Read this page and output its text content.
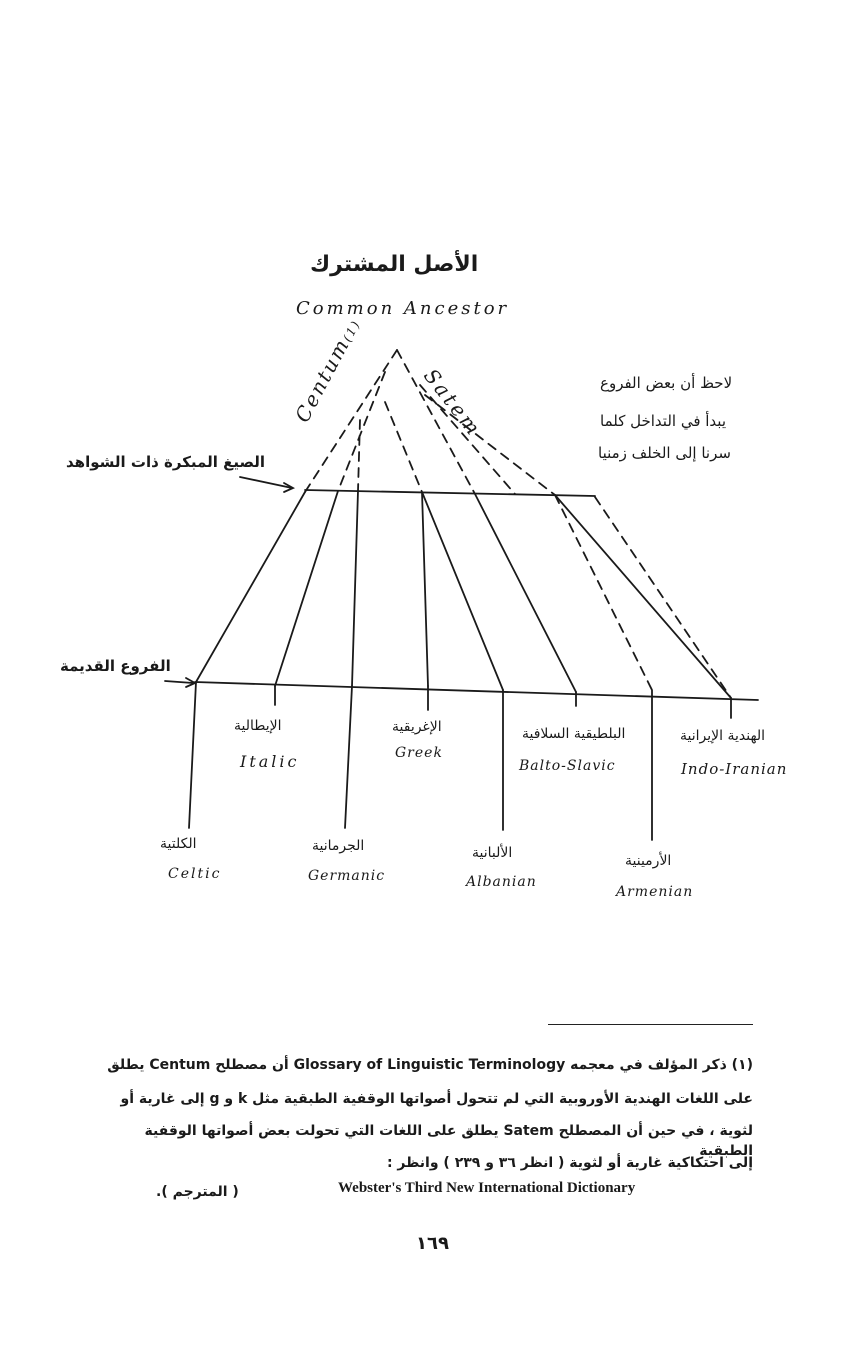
الأصل المشترك
Common Ancestor
Centum(1)
Satem	لاحظ أن بعض الفروع
يبدأ في التداخل كلما
سرنا إلى الخلف زمنيا
الصيغ المبكرة ذات الشواهد
الفروع القديمة
الإيطالية
Italic
الإغريقية
Greek
البلطيقية السلافية
Balto-Slavic
الهندية الإيرانية
Indo-Iranian
الكلتية
Celtic
الجرمانية
Germanic
الألبانية
Albanian
الأرمينية
Armenian
(١) ذكر المؤلف في معجمه Glossary of Linguistic Terminology أن مصطلح Centum يطلق
على اللغات الهندية الأوروبية التي لم تتحول أصواتها الوقفية الطبقية مثل k و g إلى غارية أو
لثوية ، في حين أن المصطلح Satem يطلق على اللغات التي تحولت بعض أصواتها الوقفية الطبقية
إلى احتكاكية غارية أو لثوية ( انظر ٣٦ و ٢٣٩ ) وانظر :
Webster's Third New International Dictionary
( المترجم ).
١٦٩
